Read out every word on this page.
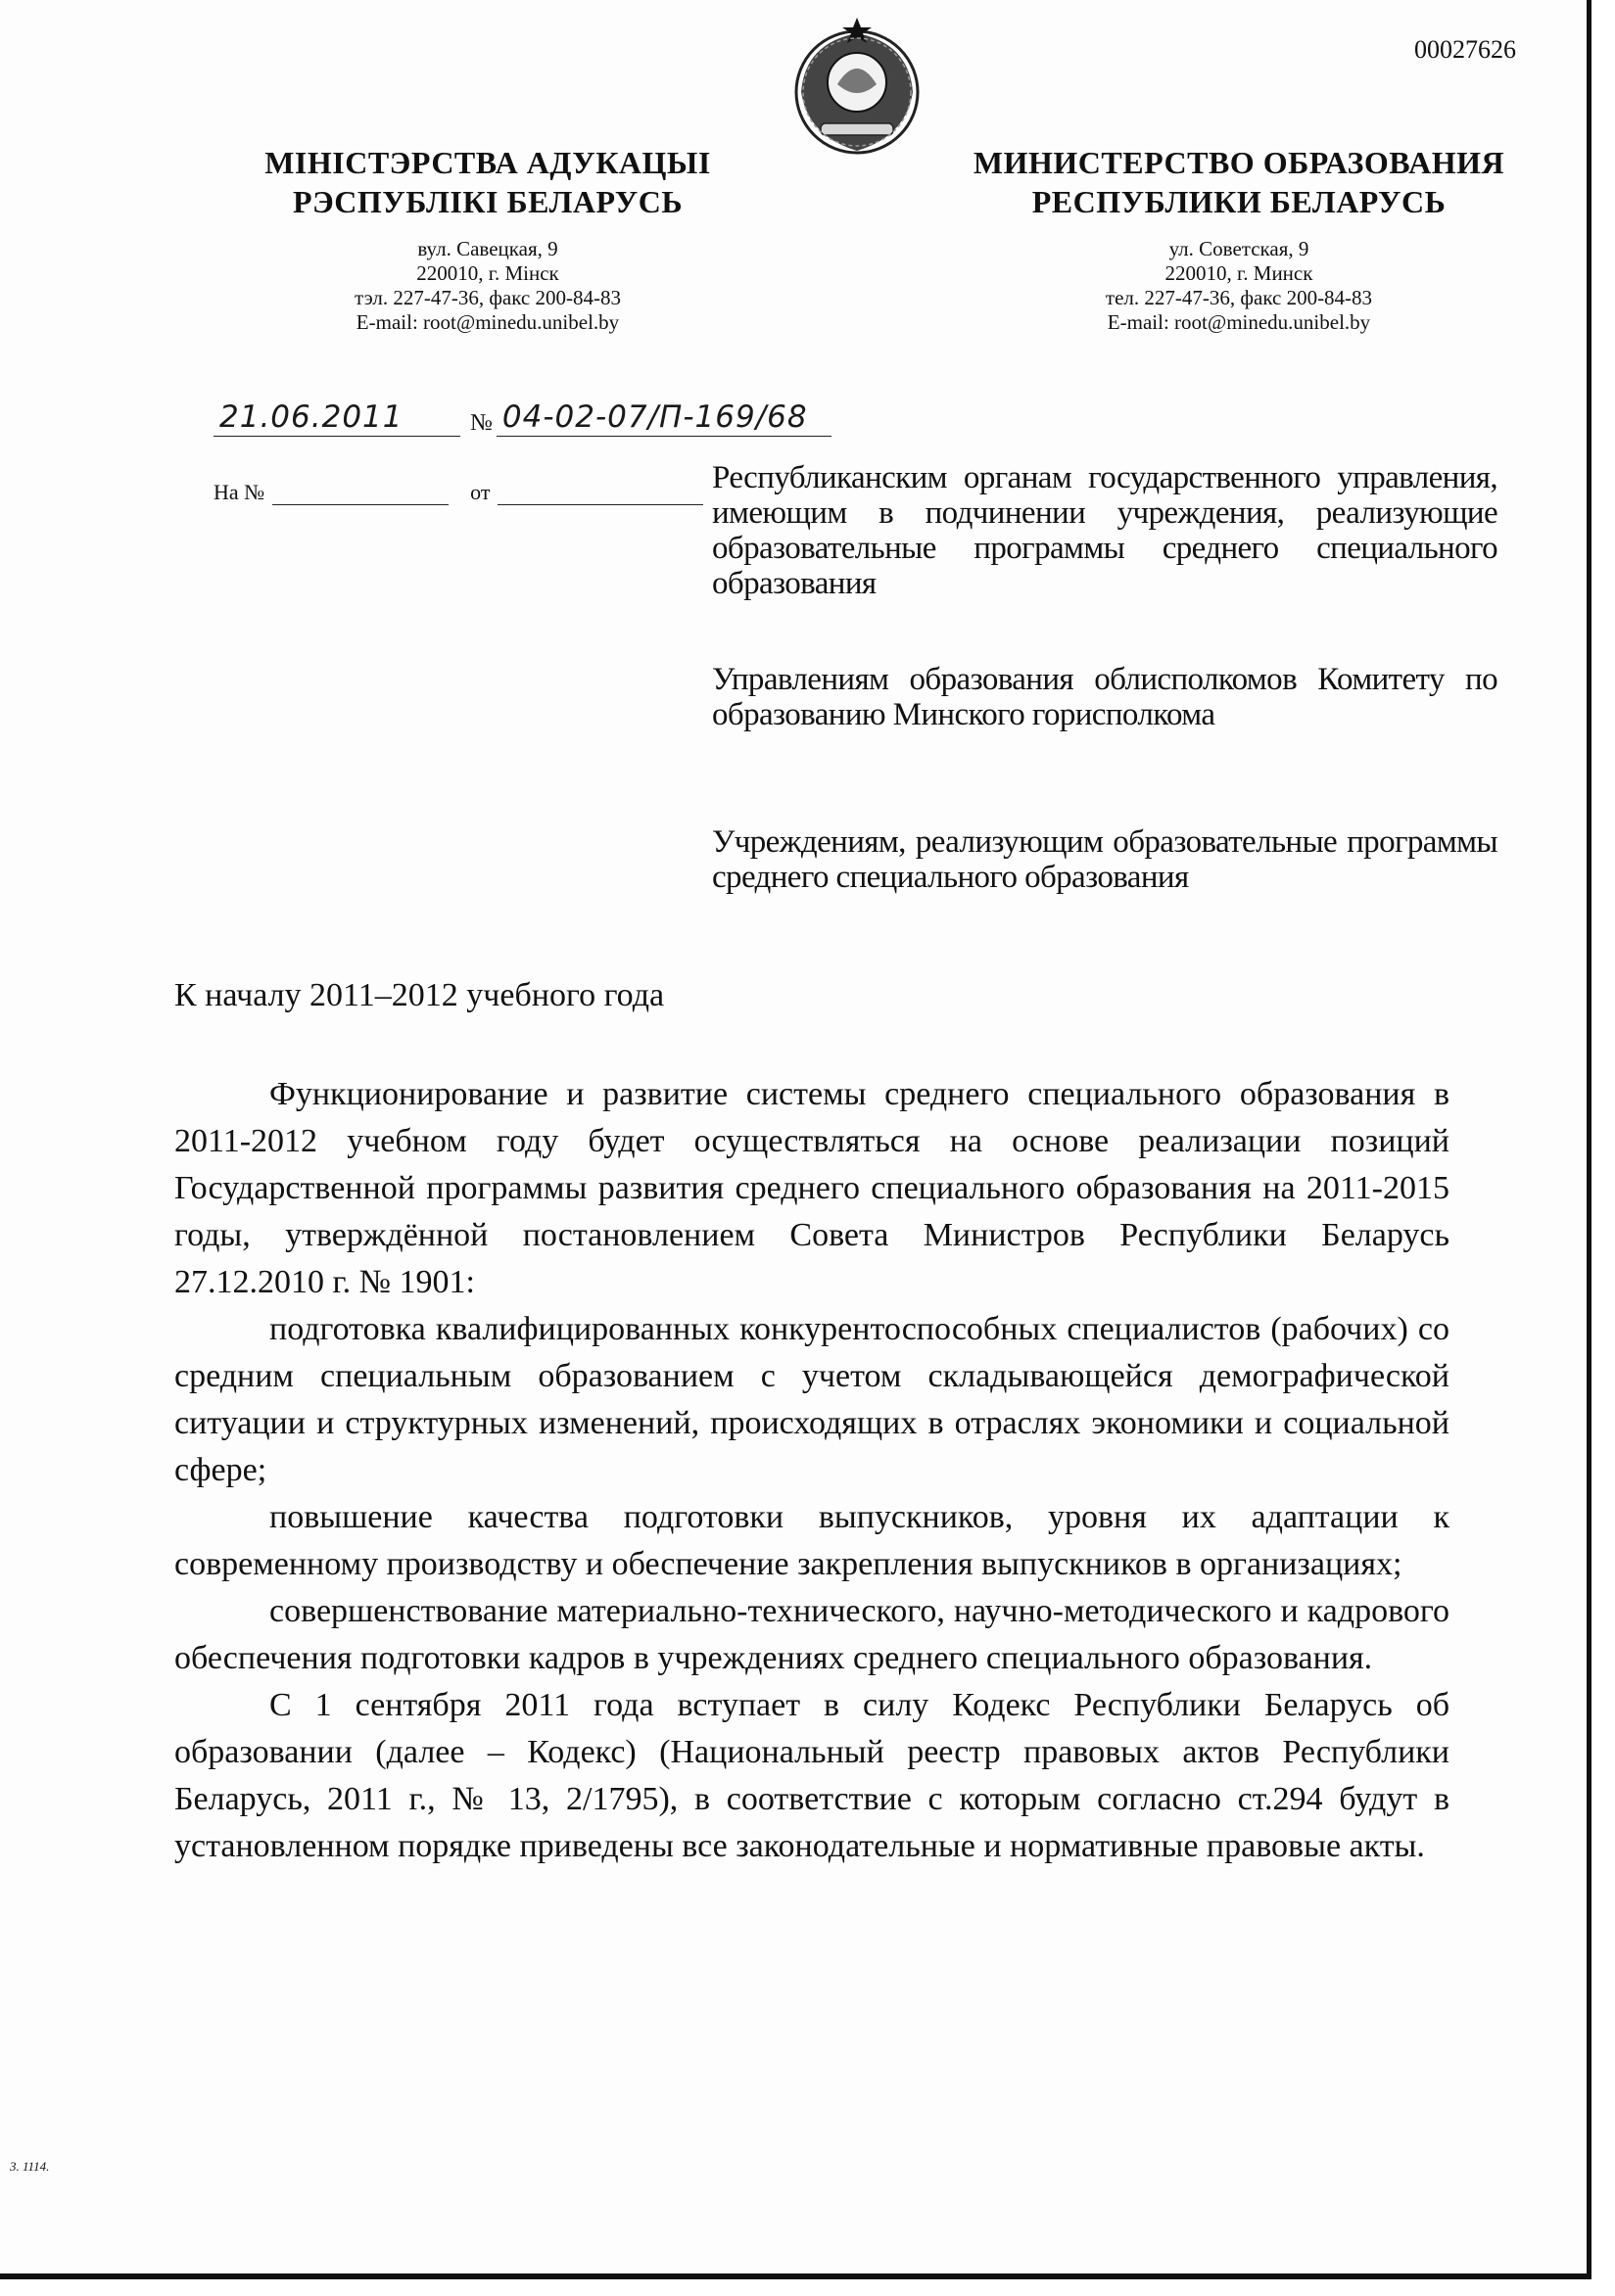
00027626
МІНІСТЭРСТВА АДУКАЦЫІ
РЭСПУБЛІКІ БЕЛАРУСЬ
вул. Савецкая, 9
220010, г. Мінск
тэл. 227-47-36, факс 200-84-83
E-mail: root@minedu.unibel.by
МИНИСТЕРСТВО ОБРАЗОВАНИЯ
РЕСПУБЛИКИ БЕЛАРУСЬ
ул. Советская, 9
220010, г. Минск
тел. 227-47-36, факс 200-84-83
E-mail: root@minedu.unibel.by
21.06.2011	№ 04-02-07/П-169/68
На №	от	Республиканским органам государственного управления, имеющим в подчинении учреждения, реализующие образовательные программы среднего специального образования
Управлениям образования облисполкомов Комитету по образованию Минского горисполкома
Учреждениям, реализующим образовательные программы среднего специального образования
К началу 2011–2012 учебного года

Функционирование и развитие системы среднего специального образования в 2011-2012 учебном году будет осуществляться на основе реализации позиций Государственной программы развития среднего специального образования на 2011-2015 годы, утверждённой постановлением Совета Министров Республики Беларусь 27.12.2010 г. № 1901:

подготовка квалифицированных конкурентоспособных специалистов (рабочих) со средним специальным образованием с учетом складывающейся демографической ситуации и структурных изменений, происходящих в отраслях экономики и социальной сфере;

повышение качества подготовки выпускников, уровня их адаптации к современному производству и обеспечение закрепления выпускников в организациях;

совершенствование материально-технического, научно-методического и кадрового обеспечения подготовки кадров в учреждениях среднего специального образования.

С 1 сентября 2011 года вступает в силу Кодекс Республики Беларусь об образовании (далее – Кодекс) (Национальный реестр правовых актов Республики Беларусь, 2011 г., № 13, 2/1795), в соответствие с которым согласно ст.294 будут в установленном порядке приведены все законодательные и нормативные правовые акты.

3. 1114.
